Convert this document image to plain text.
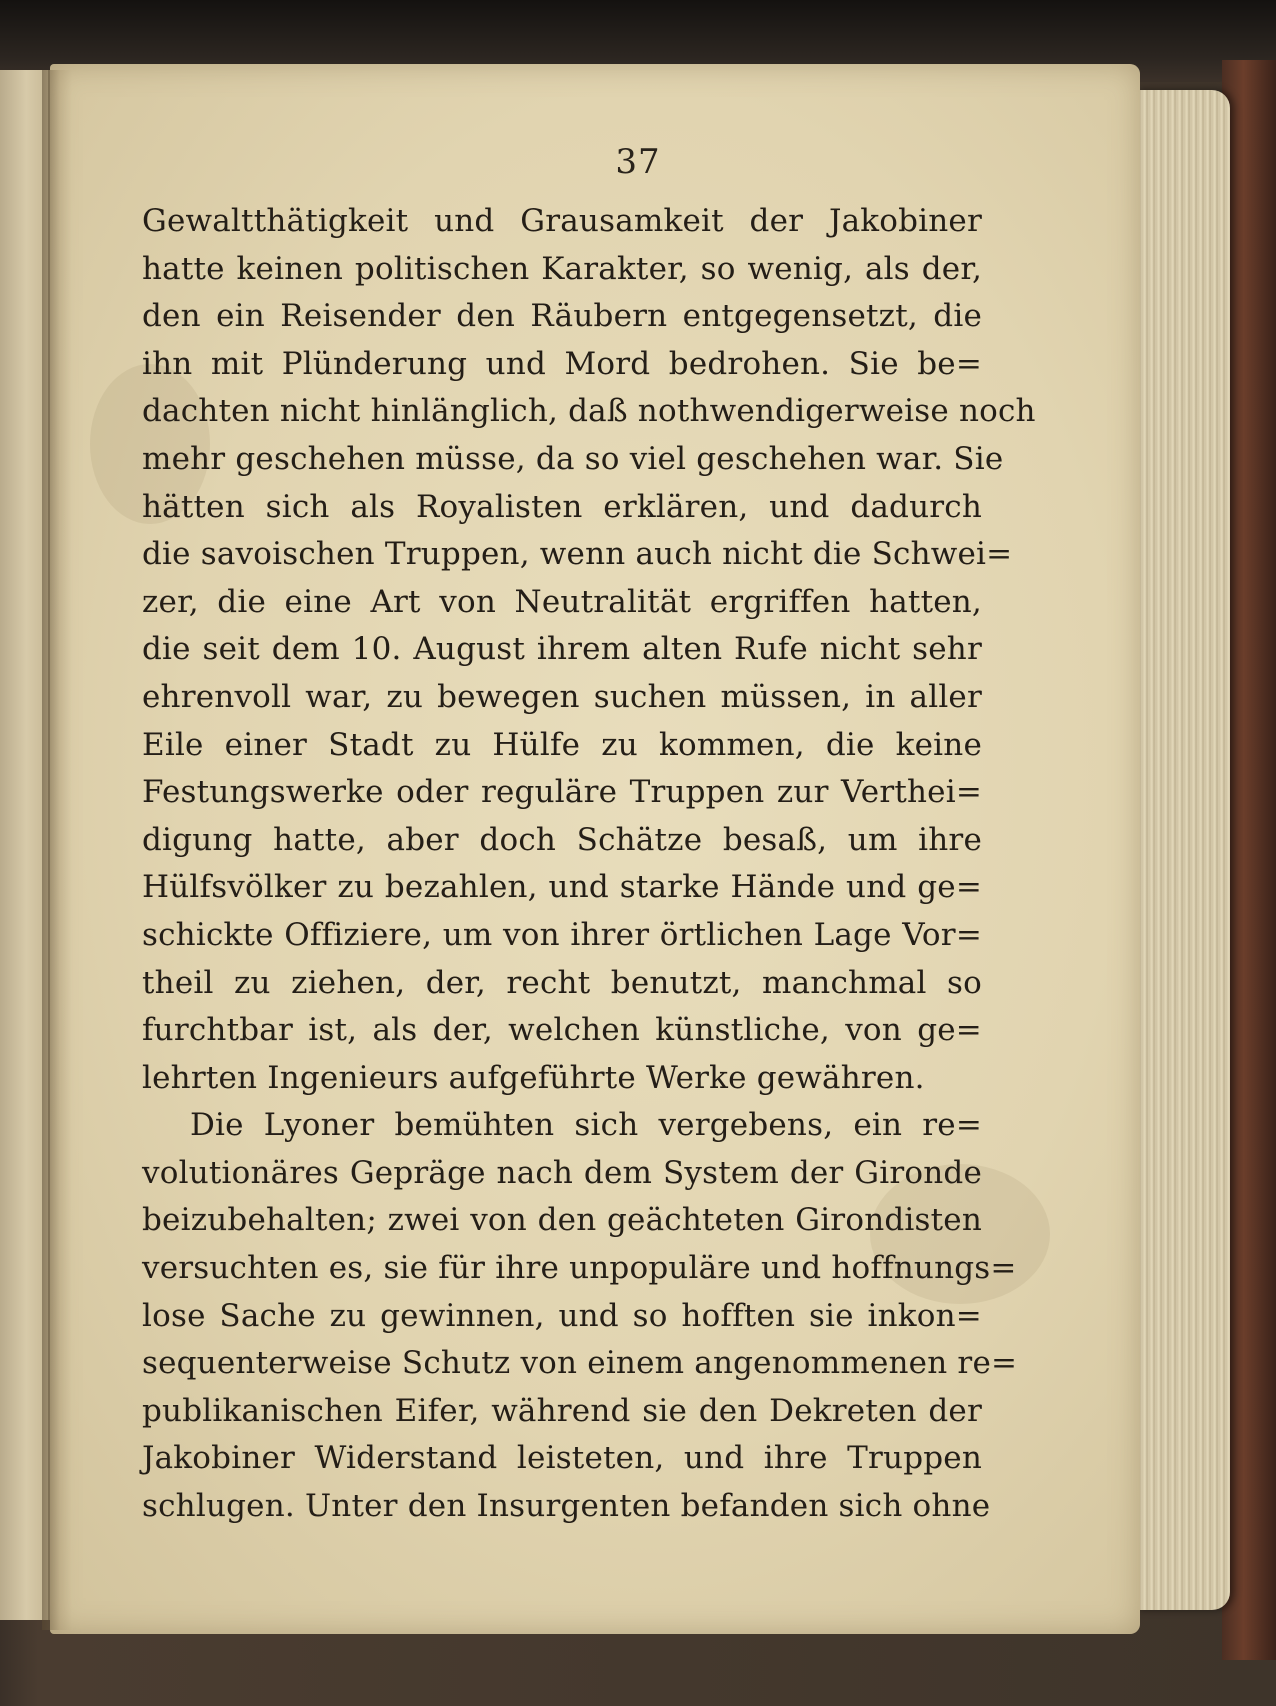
37
Gewaltthätigkeit und Grausamkeit der Jakobiner
hatte keinen politischen Karakter, so wenig, als der,
den ein Reisender den Räubern entgegensetzt, die
ihn mit Plünderung und Mord bedrohen. Sie be=
dachten nicht hinlänglich, daß nothwendigerweise noch
mehr geschehen müsse, da so viel geschehen war. Sie
hätten sich als Royalisten erklären, und dadurch
die savoischen Truppen, wenn auch nicht die Schwei=
zer, die eine Art von Neutralität ergriffen hatten,
die seit dem 10. August ihrem alten Rufe nicht sehr
ehrenvoll war, zu bewegen suchen müssen, in aller
Eile einer Stadt zu Hülfe zu kommen, die keine
Festungswerke oder reguläre Truppen zur Verthei=
digung hatte, aber doch Schätze besaß, um ihre
Hülfsvölker zu bezahlen, und starke Hände und ge=
schickte Offiziere, um von ihrer örtlichen Lage Vor=
theil zu ziehen, der, recht benutzt, manchmal so
furchtbar ist, als der, welchen künstliche, von ge=
lehrten Ingenieurs aufgeführte Werke gewähren.
Die Lyoner bemühten sich vergebens, ein re=
volutionäres Gepräge nach dem System der Gironde
beizubehalten; zwei von den geächteten Girondisten
versuchten es, sie für ihre unpopuläre und hoffnungs=
lose Sache zu gewinnen, und so hofften sie inkon=
sequenterweise Schutz von einem angenommenen re=
publikanischen Eifer, während sie den Dekreten der
Jakobiner Widerstand leisteten, und ihre Truppen
schlugen. Unter den Insurgenten befanden sich ohne
